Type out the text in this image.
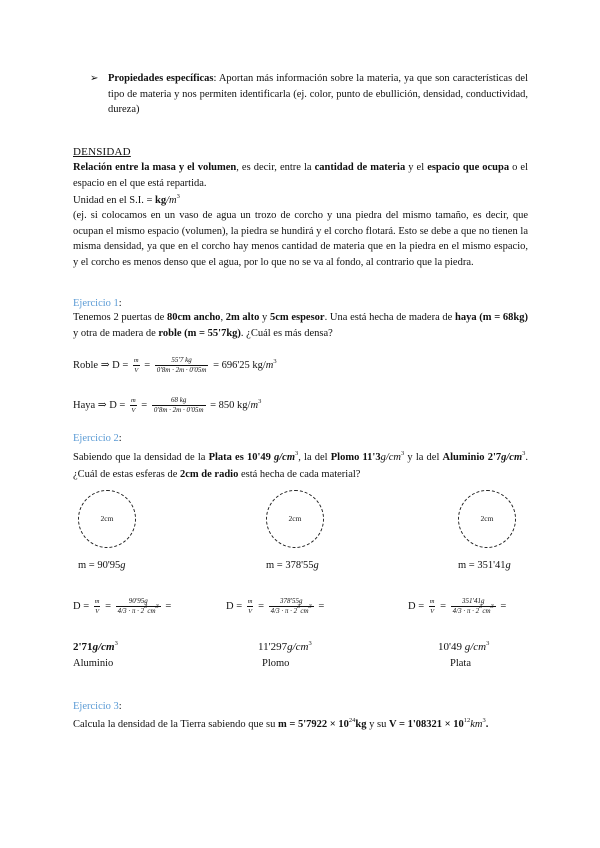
➢ Propiedades específicas: Aportan más información sobre la materia, ya que son características del tipo de materia y nos permiten identificarla (ej. color, punto de ebullición, densidad, conductividad, dureza)
DENSIDAD
Relación entre la masa y el volumen, es decir, entre la cantidad de materia y el espacio que ocupa o el espacio en el que está repartida.
Unidad en el S.I. = $kg/m^3$
(ej. si colocamos en un vaso de agua un trozo de corcho y una piedra del mismo tamaño, es decir, que ocupan el mismo espacio (volumen), la piedra se hundirá y el corcho flotará. Esto se debe a que no tienen la misma densidad, ya que en el corcho hay menos cantidad de materia que en la piedra en el mismo espacio, y el corcho es menos denso que el agua, por lo que no se va al fondo, al contrario que la piedra.
Ejercicio 1:
Tenemos 2 puertas de 80cm ancho, 2m alto y 5cm espesor. Una está hecha de madera de haya (m = 68kg) y otra de madera de roble (m = 55'7kg). ¿Cuál es más densa?
Roble ⇒ $D = \frac{m}{V} = \frac{55'7 kg}{0'8m \cdot 2m \cdot 0'05m} = 696'25$ $kg/m^3$
Haya ⇒ $D = \frac{m}{V} = \frac{68 kg}{0'8m \cdot 2m \cdot 0'05m} = 850$ $kg/m^3$
Ejercicio 2:
Sabiendo que la densidad de la Plata es 10'49 $g/cm^3$, la del Plomo $11'3g/cm^3$ y la del Aluminio $2'7g/cm^3$. ¿Cuál de estas esferas de 2cm de radio está hecha de cada material?
2cm	2cm	2cm
m = 90'95g	m = 378'55g	m = 351'41g
$D = \frac{m}{V} = \frac{90'95g}{4/3 \cdot \pi \cdot 2^3cm^3}$ =	$D = \frac{m}{V} = \frac{378'55g}{4/3 \cdot \pi \cdot 2^3cm^3}$ =	$D = \frac{m}{V} = \frac{351'41g}{4/3 \cdot \pi \cdot 2^3cm^3}$ =
$2'71g/cm^3$	$11'297g/cm^3$	10'49 $g/cm^3$
Aluminio	Plomo	Plata
Ejercicio 3:
Calcula la densidad de la Tierra sabiendo que su $m = 5'7922 \times 10^{24}kg$ y su $V = 1'08321 \times 10^{12}km^3$.
